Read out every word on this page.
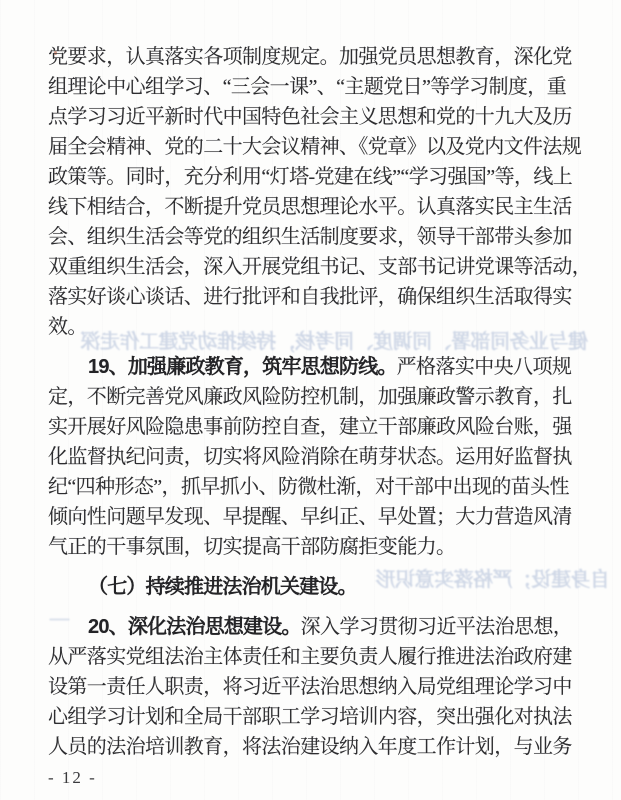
健与业务同部署、同调度、同考核，持续推动党建工作走深
自身建设；严格落实意识形
—
党要求，认真落实各项制度规定。加强党员思想教育，深化党
组理论中心组学习、“三会一课”、“主题党日”等学习制度，重
点学习习近平新时代中国特色社会主义思想和党的十九大及历
届全会精神、党的二十大会议精神、《党章》以及党内文件法规
政策等。同时，充分利用“灯塔-党建在线”“学习强国”等，线上
线下相结合，不断提升党员思想理论水平。认真落实民主生活
会、组织生活会等党的组织生活制度要求，领导干部带头参加
双重组织生活会，深入开展党组书记、支部书记讲党课等活动，
落实好谈心谈话、进行批评和自我批评，确保组织生活取得实
效。
19、加强廉政教育，筑牢思想防线。严格落实中央八项规
定，不断完善党风廉政风险防控机制，加强廉政警示教育，扎
实开展好风险隐患事前防控自查，建立干部廉政风险台账，强
化监督执纪问责，切实将风险消除在萌芽状态。运用好监督执
纪“四种形态”，抓早抓小、防微杜渐，对干部中出现的苗头性
倾向性问题早发现、早提醒、早纠正、早处置；大力营造风清
气正的干事氛围，切实提高干部防腐拒变能力。
（七）持续推进法治机关建设。
20、深化法治思想建设。深入学习贯彻习近平法治思想，
从严落实党组法治主体责任和主要负责人履行推进法治政府建
设第一责任人职责，将习近平法治思想纳入局党组理论学习中
心组学习计划和全局干部职工学习培训内容，突出强化对执法
人员的法治培训教育，将法治建设纳入年度工作计划，与业务
- 12 -
